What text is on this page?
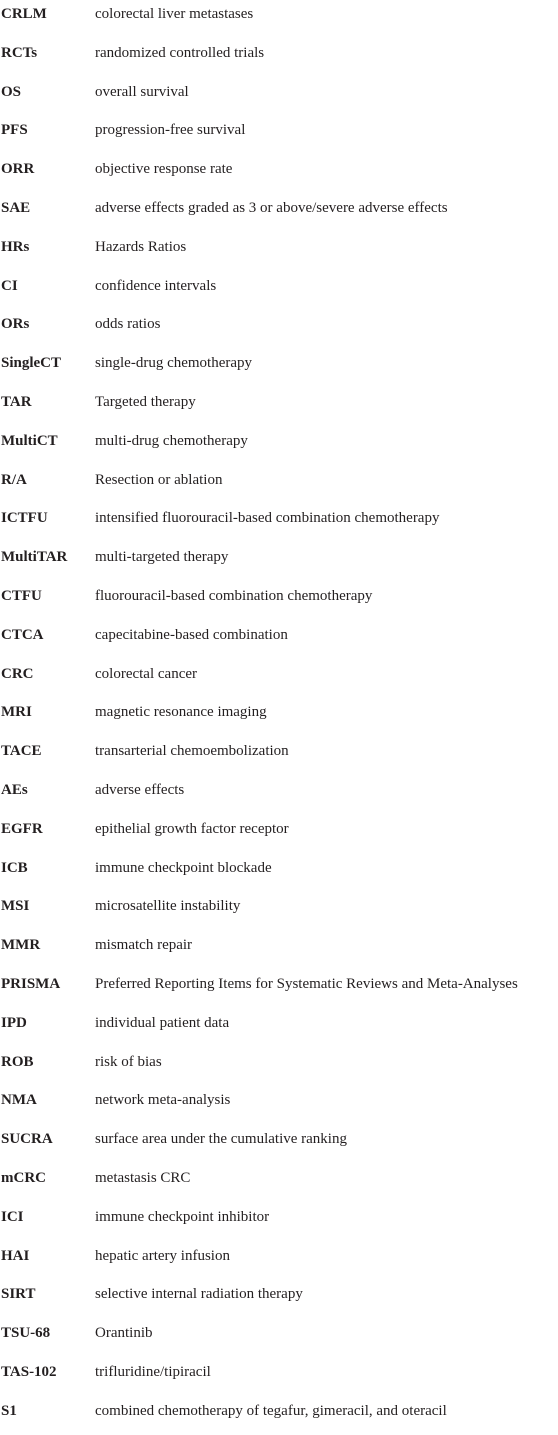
CRLM	colorectal liver metastases
RCTs	randomized controlled trials
OS	overall survival
PFS	progression-free survival
ORR	objective response rate
SAE	adverse effects graded as 3 or above/severe adverse effects
HRs	Hazards Ratios
CI	confidence intervals
ORs	odds ratios
SingleCT single-drug chemotherapy
TAR	Targeted therapy
MultiCT multi-drug chemotherapy
R/A	Resection or ablation
ICTFU	intensified fluorouracil-based combination chemotherapy
MultiTAR multi-targeted therapy
CTFU	fluorouracil-based combination chemotherapy
CTCA	capecitabine-based combination
CRC	colorectal cancer
MRI	magnetic resonance imaging
TACE	transarterial chemoembolization
AEs	adverse effects
EGFR	epithelial growth factor receptor
ICB	immune checkpoint blockade
MSI	microsatellite instability
MMR	mismatch repair
PRISMA Preferred Reporting Items for Systematic Reviews and Meta-Analyses
IPD	individual patient data
ROB	risk of bias
NMA	network meta-analysis
SUCRA	surface area under the cumulative ranking
mCRC	metastasis CRC
ICI	immune checkpoint inhibitor
HAI	hepatic artery infusion
SIRT	selective internal radiation therapy
TSU-68	Orantinib
TAS-102	trifluridine/tipiracil
S1	combined chemotherapy of tegafur, gimeracil, and oteracil
